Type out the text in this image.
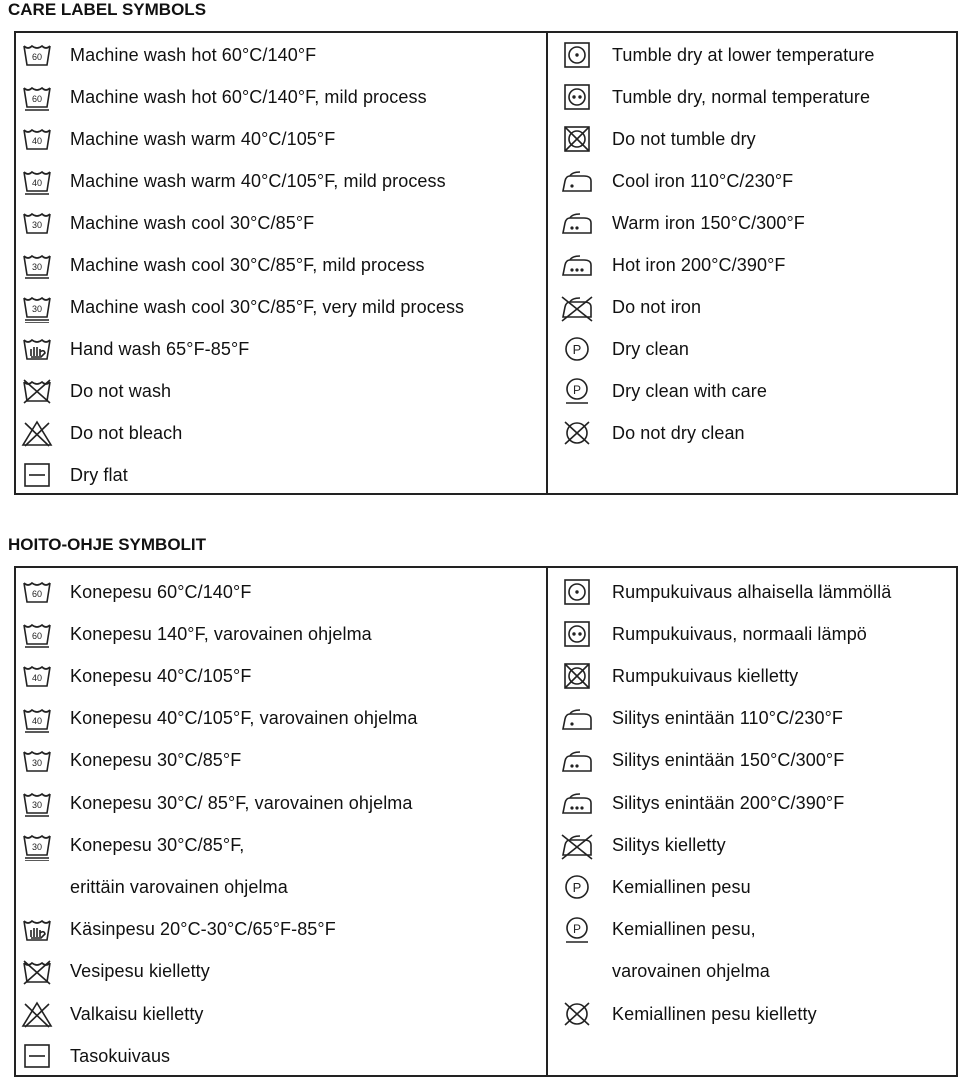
CARE LABEL SYMBOLS
60 Machine wash hot 60°C/140°F
60 Machine wash hot 60°C/140°F, mild process
40 Machine wash warm 40°C/105°F
40 Machine wash warm 40°C/105°F, mild process
30 Machine wash cool 30°C/85°F
30 Machine wash cool 30°C/85°F, mild process
30 Machine wash cool 30°C/85°F, very mild process
Hand wash 65°F-85°F
Do not wash
Do not bleach
Dry flat
Tumble dry at lower temperature
Tumble dry, normal temperature
Do not tumble dry
Cool iron 110°C/230°F
Warm iron 150°C/300°F
Hot iron 200°C/390°F
Do not iron
P Dry clean
P Dry clean with care
Do not dry clean
HOITO-OHJE SYMBOLIT
60 Konepesu 60°C/140°F
60 Konepesu 140°F, varovainen ohjelma
40 Konepesu 40°C/105°F
40 Konepesu 40°C/105°F, varovainen ohjelma
30 Konepesu 30°C/85°F
30 Konepesu 30°C/ 85°F, varovainen ohjelma
30 Konepesu 30°C/85°F,
erittäin varovainen ohjelma
Käsinpesu 20°C-30°C/65°F-85°F
Vesipesu kielletty
Valkaisu kielletty
Tasokuivaus
Rumpukuivaus alhaisella lämmöllä
Rumpukuivaus, normaali lämpö
Rumpukuivaus kielletty
Silitys enintään 110°C/230°F
Silitys enintään 150°C/300°F
Silitys enintään 200°C/390°F
Silitys kielletty
P Kemiallinen pesu
P Kemiallinen pesu,
varovainen ohjelma
Kemiallinen pesu kielletty
